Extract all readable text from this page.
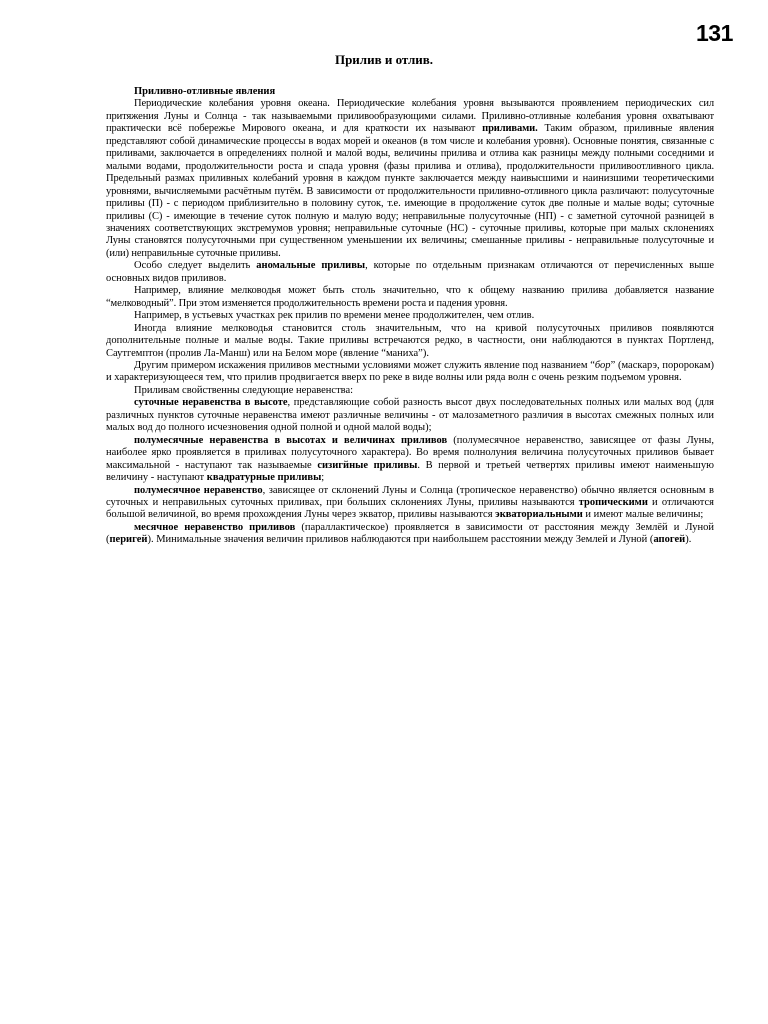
131
Прилив и отлив.

Приливно-отливные явления

Периодические колебания уровня океана. Периодические колебания уровня вызываются проявлением периодических сил притяжения Луны и Солнца - так называемыми приливообразующими силами. Приливно-отливные колебания уровня охватывают практически всё побережье Мирового океана, и для краткости их называют приливами. Таким образом, приливные явления представляют собой динамические процессы в водах морей и океанов (в том числе и колебания уровня). Основные понятия, связанные с приливами, заключается в определениях полной и малой воды, величины прилива и отлива как разницы между полными соседними и малыми водами, продолжительности роста и спада уровня (фазы прилива и отлива), продолжительности приливоотливного цикла. Предельный размах приливных колебаний уровня в каждом пункте заключается между наивысшими и наинизшими теоретическими уровнями, вычисляемыми расчётным путём. В зависимости от продолжительности приливно-отливного цикла различают: полусуточные приливы (П) - с периодом приблизительно в половину суток, т.е. имеющие в продолжение суток две полные и малые воды; суточные приливы (С) - имеющие в течение суток полную и малую воду; неправильные полусуточные (НП) - с заметной суточной разницей в значениях соответствующих экстремумов уровня; неправильные суточные (НС) - суточные приливы, которые при малых склонениях Луны становятся полусуточными при существенном уменьшении их величины; смешанные приливы - неправильные полусуточные и (или) неправильные суточные приливы.

Особо следует выделить аномальные приливы, которые по отдельным признакам отличаются от перечисленных выше основных видов приливов.

Например, влияние мелководья может быть столь значительно, что к общему названию прилива добавляется название “мелководный”. При этом изменяется продолжительность времени роста и падения уровня.

Например, в устьевых участках рек прилив по времени менее продолжителен, чем отлив.

Иногда влияние мелководья становится столь значительным, что на кривой полусуточных приливов появляются дополнительные полные и малые воды. Такие приливы встречаются редко, в частности, они наблюдаются в пунктах Портленд, Саутгемптон (пролив Ла-Манш) или на Белом море (явление “маниха”).

Другим примером искажения приливов местными условиями может служить явление под названием “бор” (маскарэ, поророкам) и характеризующееся тем, что прилив продвигается вверх по реке в виде волны или ряда волн с очень резким подъемом уровня.

Приливам свойственны следующие неравенства:

суточные неравенства в высоте, представляющие собой разность высот двух последовательных полных или малых вод (для различных пунктов суточные неравенства имеют различные величины - от малозаметного различия в высотах смежных полных или малых вод до полного исчезновения одной полной и одной малой воды);

полумесячные неравенства в высотах и величинах приливов (полумесячное неравенство, зависящее от фазы Луны, наиболее ярко проявляется в приливах полусуточного характера). Во время полнолуния величина полусуточных приливов бывает максимальной - наступают так называемые сизигйные приливы. В первой и третьей четвертях приливы имеют наименьшую величину - наступают квадратурные приливы;

полумесячное неравенство, зависящее от склонений Луны и Солнца (тропическое неравенство) обычно является основным в суточных и неправильных суточных приливах, при больших склонениях Луны, приливы называются тропическими и отличаются большой величиной, во время прохождения Луны через экватор, приливы называются экваториальными и имеют малые величины;

месячное неравенство приливов (параллактическое) проявляется в зависимости от расстояния между Землёй и Луной (перигей). Минимальные значения величин приливов наблюдаются при наибольшем расстоянии между Землей и Луной (апогей).
